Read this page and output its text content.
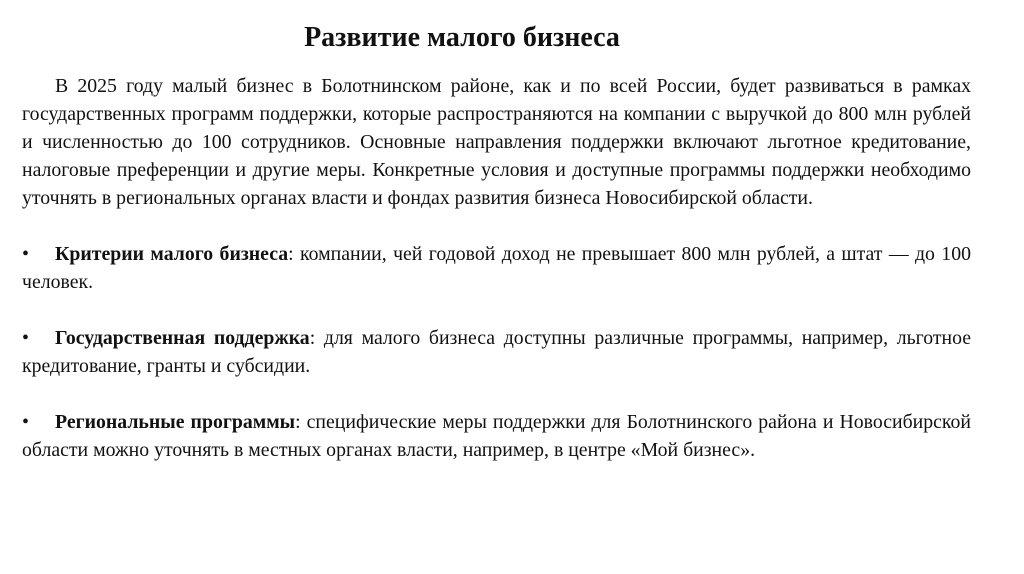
Развитие малого бизнеса

В 2025 году малый бизнес в Болотнинском районе, как и по всей России, будет развиваться в рамках государственных программ поддержки, которые распространяются на компании с выручкой до 800 млн рублей и численностью до 100 сотрудников. Основные направления поддержки включают льготное кредитование, налоговые преференции и другие меры. Конкретные условия и доступные программы поддержки необходимо уточнять в региональных органах власти и фондах развития бизнеса Новосибирской области.

• Критерии малого бизнеса: компании, чей годовой доход не превышает 800 млн рублей, а штат — до 100 человек.

• Государственная поддержка: для малого бизнеса доступны различные программы, например, льготное кредитование, гранты и субсидии.

• Региональные программы: специфические меры поддержки для Болотнинского района и Новосибирской области можно уточнять в местных органах власти, например, в центре «Мой бизнес».
